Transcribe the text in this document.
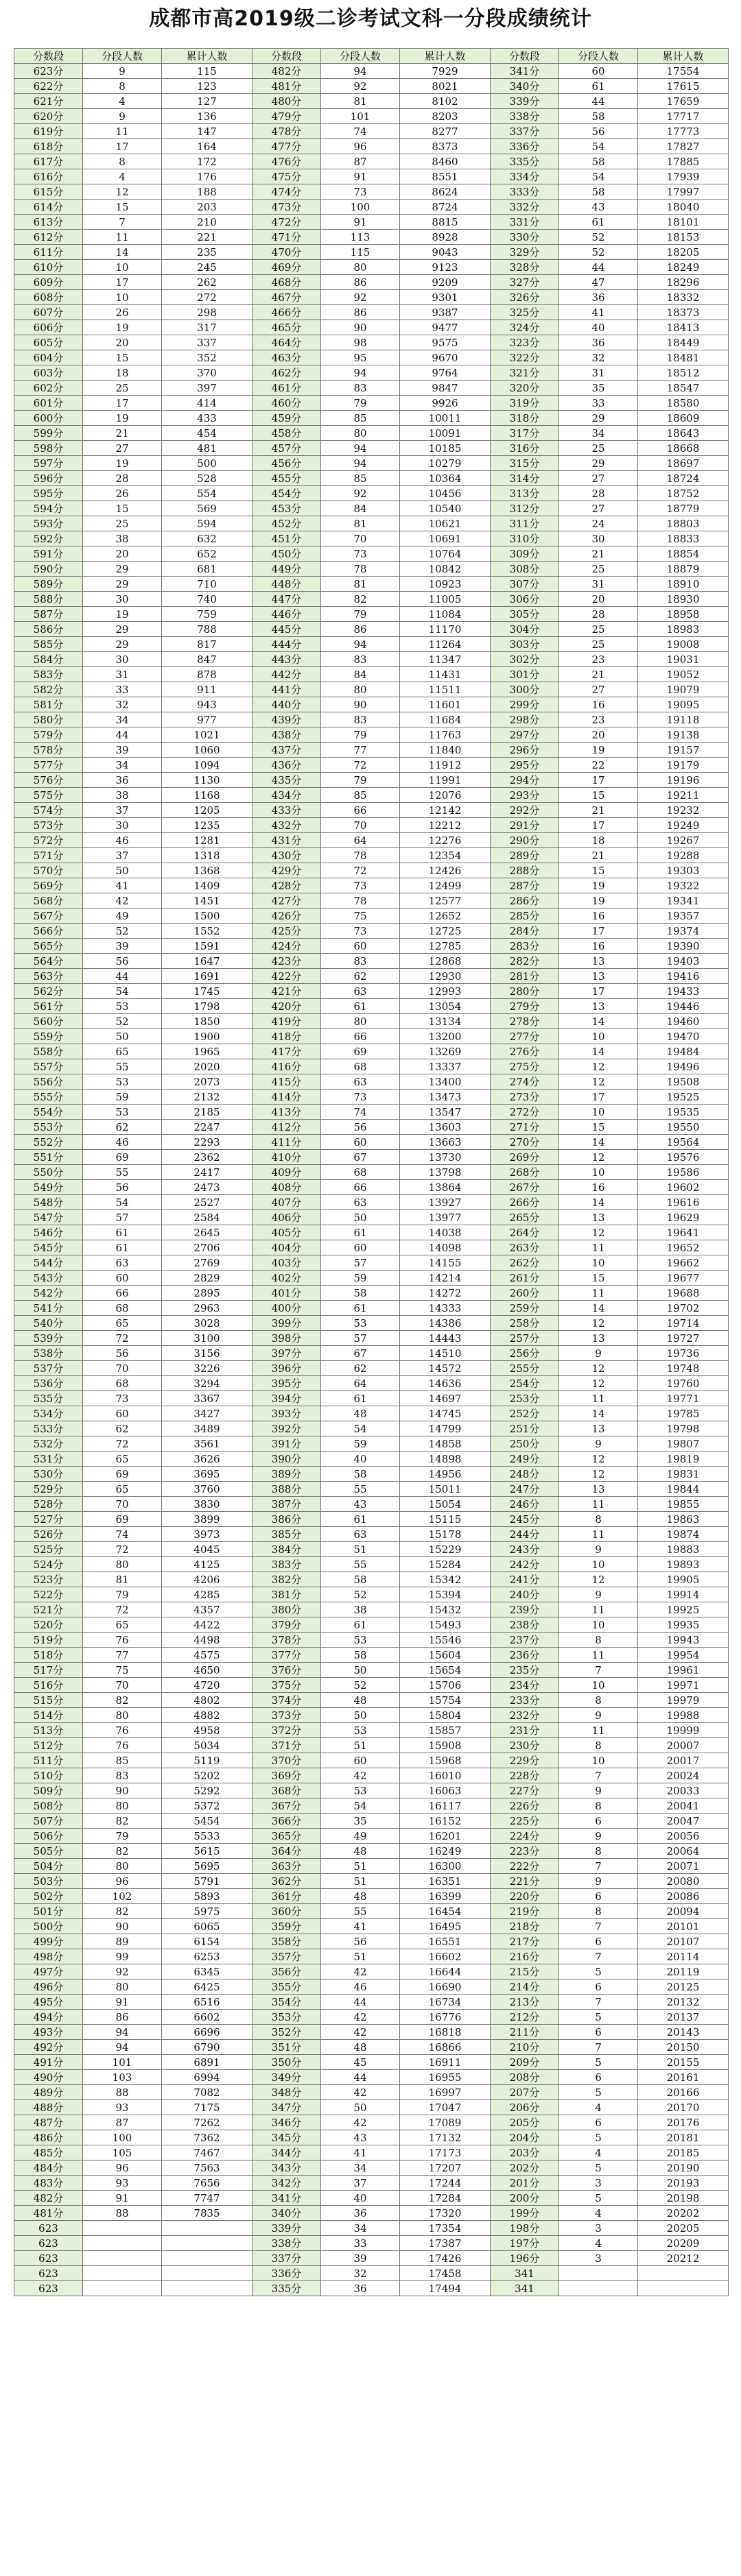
成都市高2019级二诊考试文科一分段成绩统计
分数段	分段人数	累计人数	分数段	分段人数	累计人数	分数段	分段人数	累计人数
623分	9	115	482分	94	7929	341分	60	17554
622分	8	123	481分	92	8021	340分	61	17615
621分	4	127	480分	81	8102	339分	44	17659
620分	9	136	479分	101	8203	338分	58	17717
619分	11	147	478分	74	8277	337分	56	17773
618分	17	164	477分	96	8373	336分	54	17827
617分	8	172	476分	87	8460	335分	58	17885
616分	4	176	475分	91	8551	334分	54	17939
615分	12	188	474分	73	8624	333分	58	17997
614分	15	203	473分	100	8724	332分	43	18040
613分	7	210	472分	91	8815	331分	61	18101
612分	11	221	471分	113	8928	330分	52	18153
611分	14	235	470分	115	9043	329分	52	18205
610分	10	245	469分	80	9123	328分	44	18249
609分	17	262	468分	86	9209	327分	47	18296
608分	10	272	467分	92	9301	326分	36	18332
607分	26	298	466分	86	9387	325分	41	18373
606分	19	317	465分	90	9477	324分	40	18413
605分	20	337	464分	98	9575	323分	36	18449
604分	15	352	463分	95	9670	322分	32	18481
603分	18	370	462分	94	9764	321分	31	18512
602分	25	397	461分	83	9847	320分	35	18547
601分	17	414	460分	79	9926	319分	33	18580
600分	19	433	459分	85	10011	318分	29	18609
599分	21	454	458分	80	10091	317分	34	18643
598分	27	481	457分	94	10185	316分	25	18668
597分	19	500	456分	94	10279	315分	29	18697
596分	28	528	455分	85	10364	314分	27	18724
595分	26	554	454分	92	10456	313分	28	18752
594分	15	569	453分	84	10540	312分	27	18779
593分	25	594	452分	81	10621	311分	24	18803
592分	38	632	451分	70	10691	310分	30	18833
591分	20	652	450分	73	10764	309分	21	18854
590分	29	681	449分	78	10842	308分	25	18879
589分	29	710	448分	81	10923	307分	31	18910
588分	30	740	447分	82	11005	306分	20	18930
587分	19	759	446分	79	11084	305分	28	18958
586分	29	788	445分	86	11170	304分	25	18983
585分	29	817	444分	94	11264	303分	25	19008
584分	30	847	443分	83	11347	302分	23	19031
583分	31	878	442分	84	11431	301分	21	19052
582分	33	911	441分	80	11511	300分	27	19079
581分	32	943	440分	90	11601	299分	16	19095
580分	34	977	439分	83	11684	298分	23	19118
579分	44	1021	438分	79	11763	297分	20	19138
578分	39	1060	437分	77	11840	296分	19	19157
577分	34	1094	436分	72	11912	295分	22	19179
576分	36	1130	435分	79	11991	294分	17	19196
575分	38	1168	434分	85	12076	293分	15	19211
574分	37	1205	433分	66	12142	292分	21	19232
573分	30	1235	432分	70	12212	291分	17	19249
572分	46	1281	431分	64	12276	290分	18	19267
571分	37	1318	430分	78	12354	289分	21	19288
570分	50	1368	429分	72	12426	288分	15	19303
569分	41	1409	428分	73	12499	287分	19	19322
568分	42	1451	427分	78	12577	286分	19	19341
567分	49	1500	426分	75	12652	285分	16	19357
566分	52	1552	425分	73	12725	284分	17	19374
565分	39	1591	424分	60	12785	283分	16	19390
564分	56	1647	423分	83	12868	282分	13	19403
563分	44	1691	422分	62	12930	281分	13	19416
562分	54	1745	421分	63	12993	280分	17	19433
561分	53	1798	420分	61	13054	279分	13	19446
560分	52	1850	419分	80	13134	278分	14	19460
559分	50	1900	418分	66	13200	277分	10	19470
558分	65	1965	417分	69	13269	276分	14	19484
557分	55	2020	416分	68	13337	275分	12	19496
556分	53	2073	415分	63	13400	274分	12	19508
555分	59	2132	414分	73	13473	273分	17	19525
554分	53	2185	413分	74	13547	272分	10	19535
553分	62	2247	412分	56	13603	271分	15	19550
552分	46	2293	411分	60	13663	270分	14	19564
551分	69	2362	410分	67	13730	269分	12	19576
550分	55	2417	409分	68	13798	268分	10	19586
549分	56	2473	408分	66	13864	267分	16	19602
548分	54	2527	407分	63	13927	266分	14	19616
547分	57	2584	406分	50	13977	265分	13	19629
546分	61	2645	405分	61	14038	264分	12	19641
545分	61	2706	404分	60	14098	263分	11	19652
544分	63	2769	403分	57	14155	262分	10	19662
543分	60	2829	402分	59	14214	261分	15	19677
542分	66	2895	401分	58	14272	260分	11	19688
541分	68	2963	400分	61	14333	259分	14	19702
540分	65	3028	399分	53	14386	258分	12	19714
539分	72	3100	398分	57	14443	257分	13	19727
538分	56	3156	397分	67	14510	256分	9	19736
537分	70	3226	396分	62	14572	255分	12	19748
536分	68	3294	395分	64	14636	254分	12	19760
535分	73	3367	394分	61	14697	253分	11	19771
534分	60	3427	393分	48	14745	252分	14	19785
533分	62	3489	392分	54	14799	251分	13	19798
532分	72	3561	391分	59	14858	250分	9	19807
531分	65	3626	390分	40	14898	249分	12	19819
530分	69	3695	389分	58	14956	248分	12	19831
529分	65	3760	388分	55	15011	247分	13	19844
528分	70	3830	387分	43	15054	246分	11	19855
527分	69	3899	386分	61	15115	245分	8	19863
526分	74	3973	385分	63	15178	244分	11	19874
525分	72	4045	384分	51	15229	243分	9	19883
524分	80	4125	383分	55	15284	242分	10	19893
523分	81	4206	382分	58	15342	241分	12	19905
522分	79	4285	381分	52	15394	240分	9	19914
521分	72	4357	380分	38	15432	239分	11	19925
520分	65	4422	379分	61	15493	238分	10	19935
519分	76	4498	378分	53	15546	237分	8	19943
518分	77	4575	377分	58	15604	236分	11	19954
517分	75	4650	376分	50	15654	235分	7	19961
516分	70	4720	375分	52	15706	234分	10	19971
515分	82	4802	374分	48	15754	233分	8	19979
514分	80	4882	373分	50	15804	232分	9	19988
513分	76	4958	372分	53	15857	231分	11	19999
512分	76	5034	371分	51	15908	230分	8	20007
511分	85	5119	370分	60	15968	229分	10	20017
510分	83	5202	369分	42	16010	228分	7	20024
509分	90	5292	368分	53	16063	227分	9	20033
508分	80	5372	367分	54	16117	226分	8	20041
507分	82	5454	366分	35	16152	225分	6	20047
506分	79	5533	365分	49	16201	224分	9	20056
505分	82	5615	364分	48	16249	223分	8	20064
504分	80	5695	363分	51	16300	222分	7	20071
503分	96	5791	362分	51	16351	221分	9	20080
502分	102	5893	361分	48	16399	220分	6	20086
501分	82	5975	360分	55	16454	219分	8	20094
500分	90	6065	359分	41	16495	218分	7	20101
499分	89	6154	358分	56	16551	217分	6	20107
498分	99	6253	357分	51	16602	216分	7	20114
497分	92	6345	356分	42	16644	215分	5	20119
496分	80	6425	355分	46	16690	214分	6	20125
495分	91	6516	354分	44	16734	213分	7	20132
494分	86	6602	353分	42	16776	212分	5	20137
493分	94	6696	352分	42	16818	211分	6	20143
492分	94	6790	351分	48	16866	210分	7	20150
491分	101	6891	350分	45	16911	209分	5	20155
490分	103	6994	349分	44	16955	208分	6	20161
489分	88	7082	348分	42	16997	207分	5	20166
488分	93	7175	347分	50	17047	206分	4	20170
487分	87	7262	346分	42	17089	205分	6	20176
486分	100	7362	345分	43	17132	204分	5	20181
485分	105	7467	344分	41	17173	203分	4	20185
484分	96	7563	343分	34	17207	202分	5	20190
483分	93	7656	342分	37	17244	201分	3	20193
482分	91	7747	341分	40	17284	200分	5	20198
481分	88	7835	340分	36	17320	199分	4	20202
623			339分	34	17354	198分	3	20205
623			338分	33	17387	197分	4	20209
623			337分	39	17426	196分	3	20212
623			336分	32	17458	341		
623			335分	36	17494	341		
